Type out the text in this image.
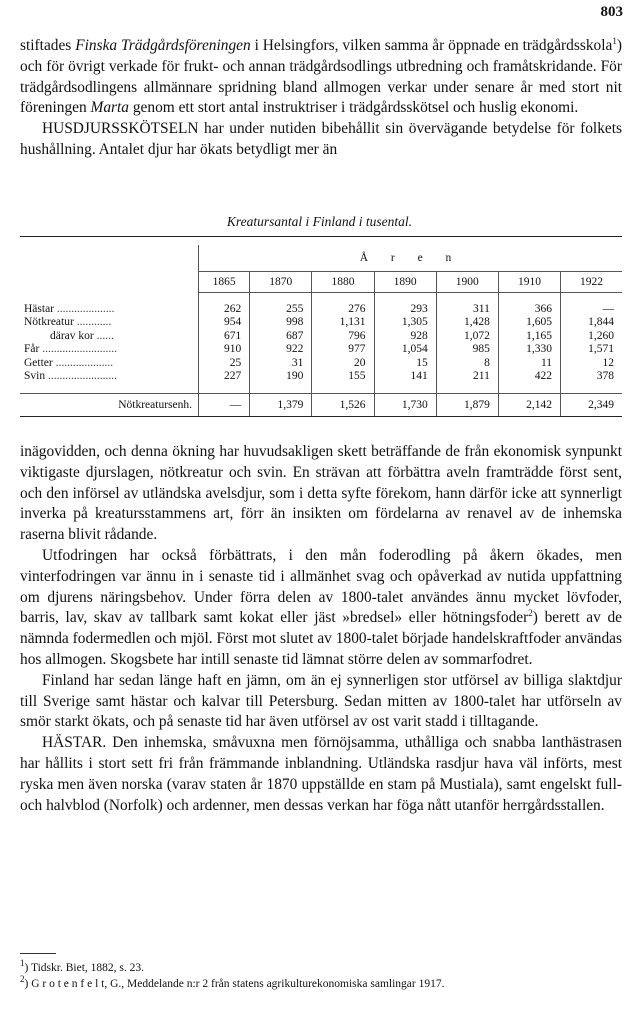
803

stiftades Finska Trädgårdsföreningen i Helsingfors, vilken samma år öppnade en trädgårdsskola$^1$) och för övrigt verkade för frukt- och annan trädgårdsodlings utbredning och framåtskridande. För trädgårdsodlingens allmännare spridning bland allmogen verkar under senare år med stort nit föreningen Marta genom ett stort antal instruktriser i trädgårdsskötsel och huslig ekonomi.

HUSDJURSSKÖTSELN har under nutiden bibehållit sin övervägande betydelse för folkets hushållning. Antalet djur har ökats betydligt mer än

Kreatursantal i Finland i tusental.

	Å r e n						
	1865	1870	1880	1890	1900	1910	1922

Hästar ....................	262	255	276	293	311	366	—
Nötkreatur ............	954	998	1,131	1,305	1,428	1,605	1,844
därav kor ......	671	687	796	928	1,072	1,165	1,260
Får ..........................	910	922	977	1,054	985	1,330	1,571
Getter ....................	25	31	20	15	8	11	12
Svin ........................	227	190	155	141	211	422	378

Nötkreatursenh.	—	1,379	1,526	1,730	1,879	2,142	2,349

inägovidden, och denna ökning har huvudsakligen skett beträffande de från ekonomisk synpunkt viktigaste djurslagen, nötkreatur och svin. En strävan att förbättra aveln framträdde först sent, och den införsel av utländska avelsdjur, som i detta syfte förekom, hann därför icke att synnerligt inverka på kreatursstammens art, förr än insikten om fördelarna av renavel av de inhemska raserna blivit rådande.

Utfodringen har också förbättrats, i den mån foderodling på åkern ökades, men vinterfodringen var ännu in i senaste tid i allmänhet svag och opåverkad av nutida uppfattning om djurens näringsbehov. Under förra delen av 1800-talet användes ännu mycket lövfoder, barris, lav, skav av tallbark samt kokat eller jäst »bredsel» eller hötningsfoder$^2$) berett av de nämnda fodermedlen och mjöl. Först mot slutet av 1800-talet började handelskraftfoder användas hos allmogen. Skogsbete har intill senaste tid lämnat större delen av sommarfodret.

Finland har sedan länge haft en jämn, om än ej synnerligen stor utförsel av billiga slaktdjur till Sverige samt hästar och kalvar till Petersburg. Sedan mitten av 1800-talet har utförseln av smör starkt ökats, och på senaste tid har även utförsel av ost varit stadd i tilltagande.

HÄSTAR. Den inhemska, småvuxna men förnöjsamma, uthålliga och snabba lanthästrasen har hållits i stort sett fri från främmande inblandning. Utländska rasdjur hava väl införts, mest ryska men även norska (varav staten år 1870 uppställde en stam på Mustiala), samt engelskt full- och halvblod (Norfolk) och ardenner, men dessas verkan har föga nått utanför herrgårdsstallen.

$^1$) Tidskr. Biet, 1882, s. 23.

$^2$) G r o t e n f e l t, G., Meddelande n:r 2 från statens agrikulturekonomiska samlingar 1917.
